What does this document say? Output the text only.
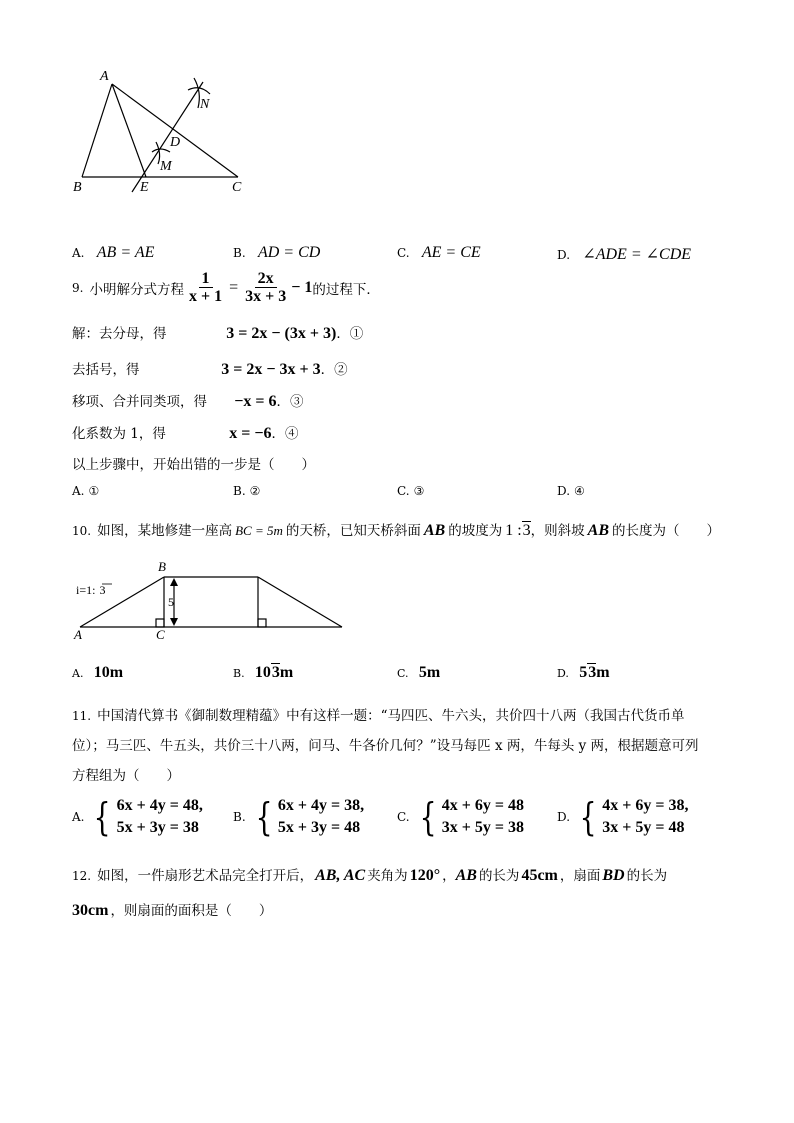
A
B	C
D
E
M
N
A. AB = AE	B. AD = CD	C. AE = CE	D. ∠ADE = ∠CDE
9. 小明解分式方程 $\frac{1}{x + 1} = \frac{2x}{3x + 3} - 1$ 的过程下．
解：去分母，得	3 = 2x − (3x + 3)．①
去括号，得	3 = 2x − 3x + 3．②
移项、合并同类项，得 −x = 6．③
化系数为 1，得	x = −6．④
以上步骤中，开始出错的一步是（　　）
A. ①	B. ②	C. ③	D. ④
10. 如图，某地修建一座高 BC = 5m 的天桥，已知天桥斜面 AB 的坡度为 1 : 3 ，则斜坡 AB 的长度为（　　）
i=1: 3
5
A
B
C
A. 10m	B. 103m	C. 5m	D. 53m
11. 中国清代算书《御制数理精蕴》中有这样一题：“马四匹、牛六头，共价四十八两（我国古代货币单
位）；马三匹、牛五头，共价三十八两，问马、牛各价几何？”设马每匹 x 两，牛每头 y 两，根据题意可列
方程组为（　　）
A. { 6x + 4y = 48,
5x + 3y = 38
B. { 6x + 4y = 38,
5x + 3y = 48
C. { 4x + 6y = 48
3x + 5y = 38
D. { 4x + 6y = 38,
3x + 5y = 48
12. 如图，一件扇形艺术品完全打开后， AB, AC 夹角为 120° ， AB 的长为 45cm ，扇面 BD 的长为
30cm ，则扇面的面积是（　　）
